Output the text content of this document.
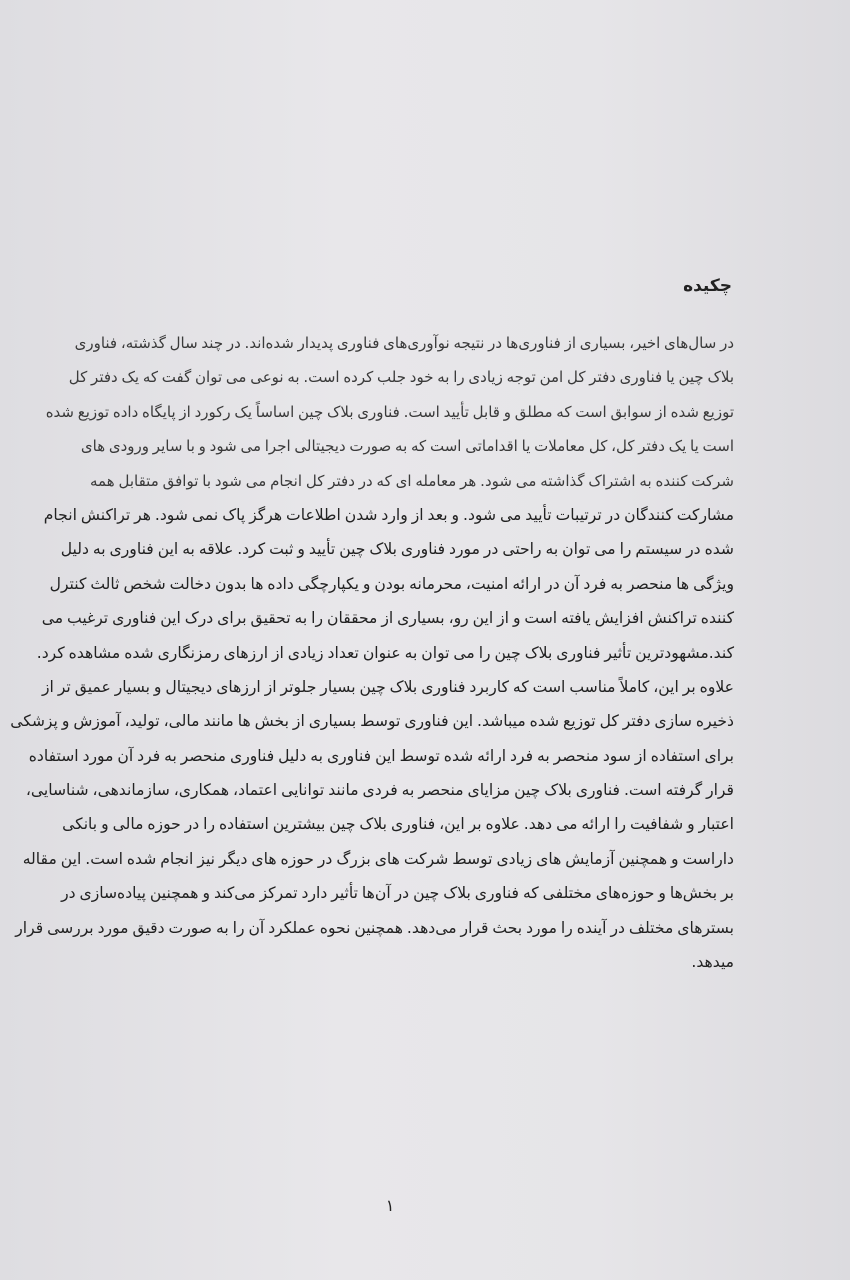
چکیده
در سال‌های اخیر، بسیاری از فناوری‌ها در نتیجه نوآوری‌های فناوری پدیدار شده‌اند. در چند سال گذشته، فناوری
بلاک چین یا فناوری دفتر کل امن توجه زیادی را به خود جلب کرده است. به نوعی می توان گفت که یک دفتر کل
توزیع شده از سوابق است که مطلق و قابل تأیید است. فناوری بلاک چین اساساً یک رکورد از پایگاه داده توزیع شده
است یا یک دفتر کل، کل معاملات یا اقداماتی است که به صورت دیجیتالی اجرا می شود و با سایر ورودی های
شرکت کننده به اشتراک گذاشته می شود. هر معامله ای که در دفتر کل انجام می شود با توافق متقابل همه
مشارکت کنندگان در ترتیبات تأیید می شود. و بعد از وارد شدن اطلاعات هرگز پاک نمی شود. هر تراکنش انجام
شده در سیستم را می توان به راحتی در مورد فناوری بلاک چین تأیید و ثبت کرد. علاقه به این فناوری به دلیل
ویژگی ها منحصر به فرد آن در ارائه امنیت، محرمانه بودن و یکپارچگی داده ها بدون دخالت شخص ثالث کنترل
کننده تراکنش افزایش یافته است و از این رو، بسیاری از محققان را به تحقیق برای درک این فناوری ترغیب می
کند.مشهودترین تأثیر فناوری بلاک چین را می توان به عنوان تعداد زیادی از ارزهای رمزنگاری شده مشاهده کرد.
علاوه بر این، کاملاً مناسب است که کاربرد فناوری بلاک چین بسیار جلوتر از ارزهای دیجیتال و بسیار عمیق تر از
ذخیره سازی دفتر کل توزیع شده میباشد. این فناوری توسط بسیاری از بخش ها مانند مالی، تولید، آموزش و پزشکی
برای استفاده از سود منحصر به فرد ارائه شده توسط این فناوری به دلیل فناوری منحصر به فرد آن مورد استفاده
قرار گرفته است. فناوری بلاک چین مزایای منحصر به فردی مانند توانایی اعتماد، همکاری، سازماندهی، شناسایی،
اعتبار و شفافیت را ارائه می دهد. علاوه بر این، فناوری بلاک چین بیشترین استفاده را در حوزه مالی و بانکی
داراست و همچنین آزمایش های زیادی توسط شرکت های بزرگ در حوزه های دیگر نیز انجام شده است. این مقاله
بر بخش‌ها و حوزه‌های مختلفی که فناوری بلاک چین در آن‌ها تأثیر دارد تمرکز می‌کند و همچنین پیاده‌سازی در
بسترهای مختلف در آینده را مورد بحث قرار می‌دهد. همچنین نحوه عملکرد آن را به صورت دقیق مورد بررسی قرار
میدهد.
۱
